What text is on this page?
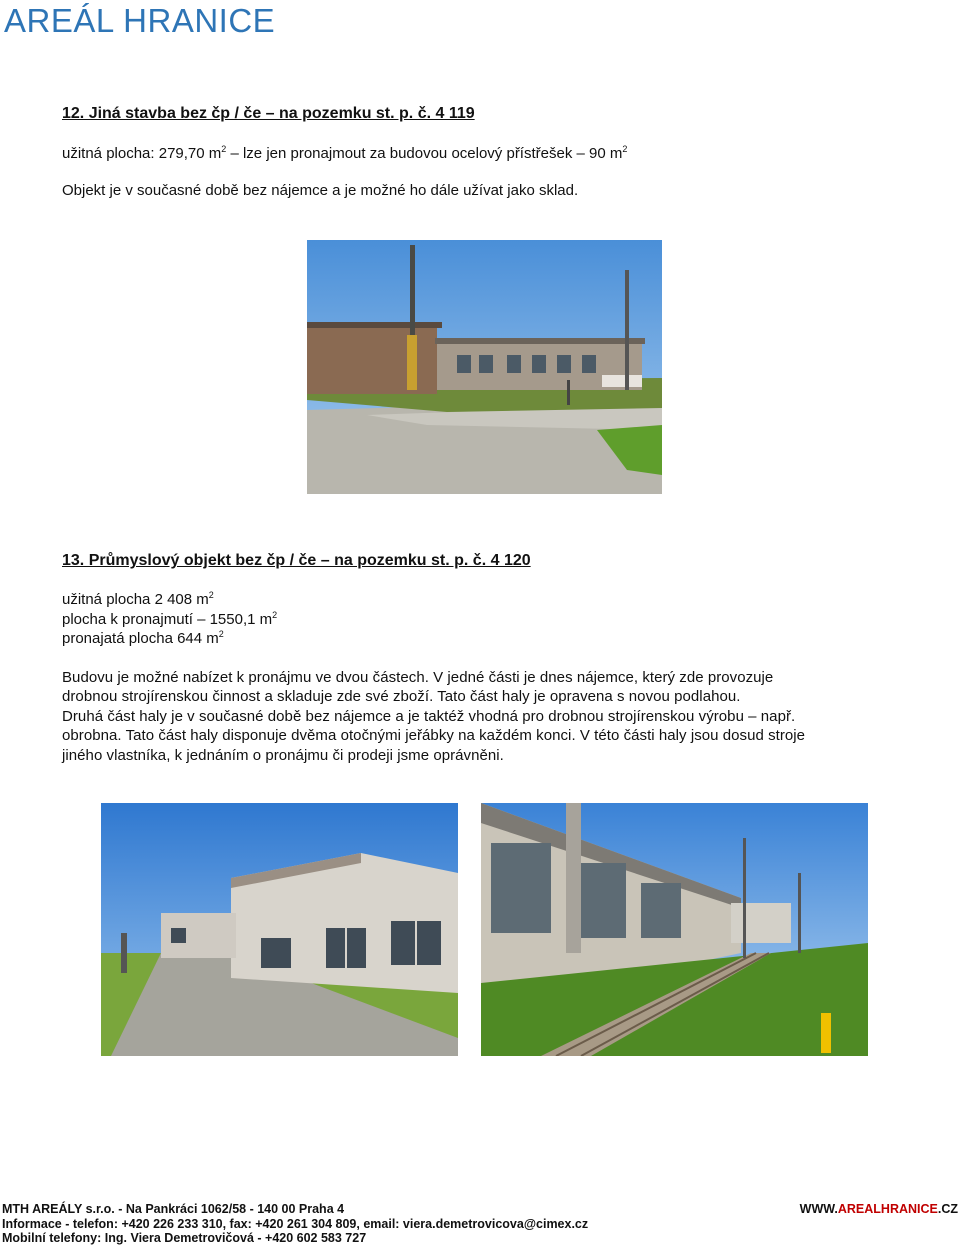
AREÁL HRANICE
12. Jiná stavba bez čp / če – na pozemku st. p. č. 4 119
užitná plocha: 279,70 $m^2$ – lze jen pronajmout za budovou ocelový přístřešek – 90 $m^2$
Objekt je v současné době bez nájemce a je možné ho dále užívat jako sklad.
13. Průmyslový objekt bez čp / če – na pozemku st. p. č. 4 120
užitná plocha 2 408 $m^2$
plocha k pronajmutí – 1550,1 $m^2$
pronajatá plocha 644 $m^2$
Budovu je možné nabízet k pronájmu ve dvou částech. V jedné části je dnes nájemce, který zde provozuje
drobnou strojírenskou činnost a skladuje zde své zboží. Tato část haly je opravena s novou podlahou.
Druhá část haly je v současné době bez nájemce a je taktéž vhodná pro drobnou strojírenskou výrobu – např.
obrobna. Tato část haly disponuje dvěma otočnými jeřábky na každém konci. V této části haly jsou dosud stroje
jiného vlastníka, k jednáním o pronájmu či prodeji jsme oprávněni.
MTH AREÁLY s.r.o. - Na Pankráci 1062/58 - 140 00 Praha 4	WWW.AREALHRANICE.CZ
Informace - telefon: +420 226 233 310, fax: +420 261 304 809, email: viera.demetrovicova@cimex.cz
Mobilní telefony: Ing. Viera Demetrovičová - +420 602 583 727
